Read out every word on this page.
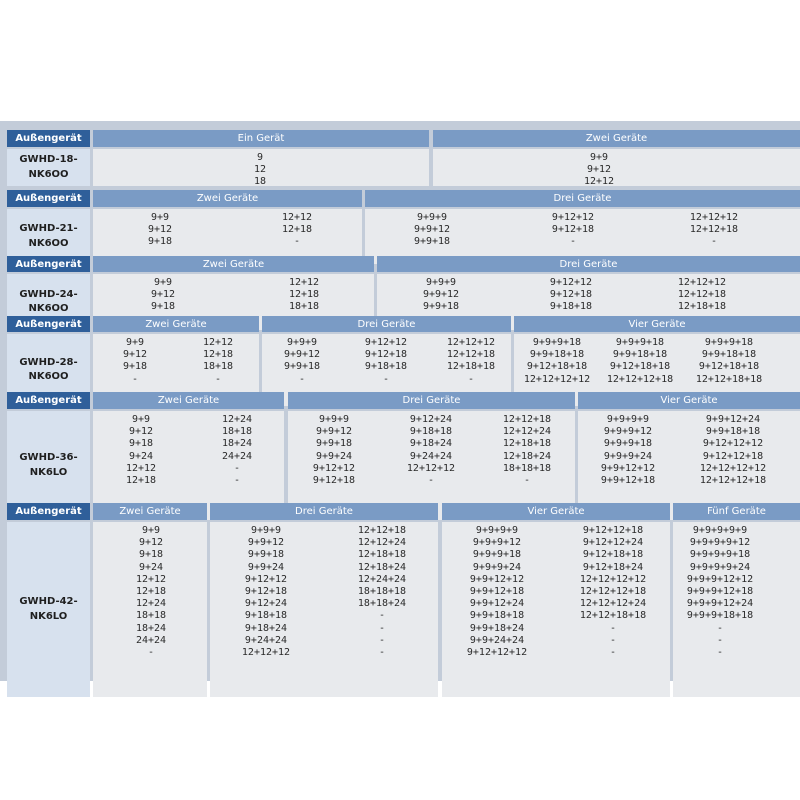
Außengerät
GWHD-18-
NK6OO
Ein Gerät
9
12
18
Zwei Geräte
9+9
9+12
12+12
Außengerät
GWHD-21-
NK6OO
Zwei Geräte
9+9
9+12
9+18
12+12
12+18
-
Drei Geräte
9+9+9
9+9+12
9+9+18
9+12+12
9+12+18
-
12+12+12
12+12+18
-
Außengerät
GWHD-24-
NK6OO
Zwei Geräte
9+9
9+12
9+18
12+12
12+18
18+18
Drei Geräte
9+9+9
9+9+12
9+9+18
9+12+12
9+12+18
9+18+18
12+12+12
12+12+18
12+18+18
Außengerät
GWHD-28-
NK6OO
Zwei Geräte
9+9
9+12
9+18
-
12+12
12+18
18+18
-
Drei Geräte
9+9+9
9+9+12
9+9+18
-
9+12+12
9+12+18
9+18+18
-
12+12+12
12+12+18
12+18+18
-
Vier Geräte
9+9+9+18
9+9+18+18
9+12+18+18
12+12+12+12
9+9+9+18
9+9+18+18
9+12+18+18
12+12+12+18
9+9+9+18
9+9+18+18
9+12+18+18
12+12+18+18
Außengerät
GWHD-36-
NK6LO
Zwei Geräte
9+9
9+12
9+18
9+24
12+12
12+18
12+24
18+18
18+24
24+24
-
-
Drei Geräte
9+9+9
9+9+12
9+9+18
9+9+24
9+12+12
9+12+18
9+12+24
9+18+18
9+18+24
9+24+24
12+12+12
-
12+12+18
12+12+24
12+18+18
12+18+24
18+18+18
-
Vier Geräte
9+9+9+9
9+9+9+12
9+9+9+18
9+9+9+24
9+9+12+12
9+9+12+18
9+9+12+24
9+9+18+18
9+12+12+12
9+12+12+18
12+12+12+12
12+12+12+18
Außengerät
GWHD-42-
NK6LO
Zwei Geräte
9+9
9+12
9+18
9+24
12+12
12+18
12+24
18+18
18+24
24+24
-
Drei Geräte
9+9+9
9+9+12
9+9+18
9+9+24
9+12+12
9+12+18
9+12+24
9+18+18
9+18+24
9+24+24
12+12+12
12+12+18
12+12+24
12+18+18
12+18+24
12+24+24
18+18+18
18+18+24
-
-
-
-
Vier Geräte
9+9+9+9
9+9+9+12
9+9+9+18
9+9+9+24
9+9+12+12
9+9+12+18
9+9+12+24
9+9+18+18
9+9+18+24
9+9+24+24
9+12+12+12
9+12+12+18
9+12+12+24
9+12+18+18
9+12+18+24
12+12+12+12
12+12+12+18
12+12+12+24
12+12+18+18
-
-
-
Fünf Geräte
9+9+9+9+9
9+9+9+9+12
9+9+9+9+18
9+9+9+9+24
9+9+9+12+12
9+9+9+12+18
9+9+9+12+24
9+9+9+18+18
-
-
-
